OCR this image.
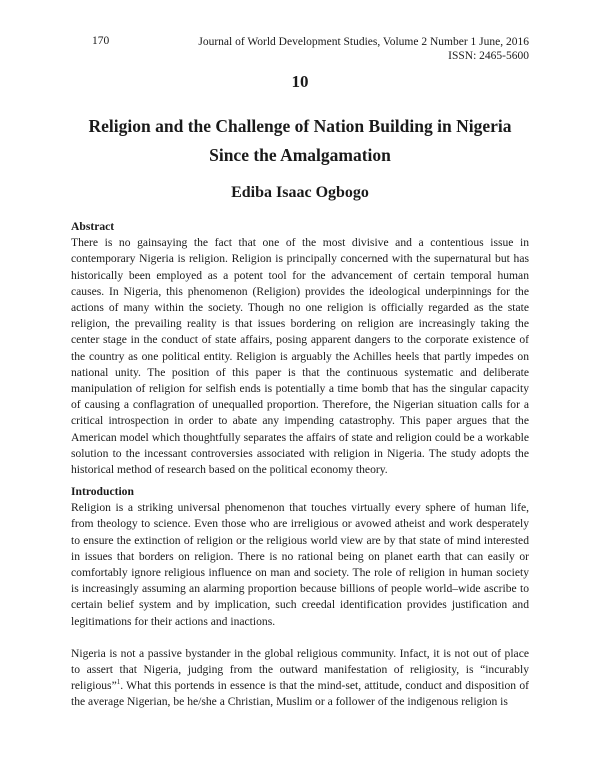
170	Journal of World Development Studies, Volume 2 Number 1 June, 2016
ISSN: 2465-5600
10
Religion and the Challenge of Nation Building in Nigeria
Since the Amalgamation
Ediba Isaac Ogbogo

Abstract

There is no gainsaying the fact that one of the most divisive and a contentious issue in contemporary Nigeria is religion. Religion is principally concerned with the supernatural but has historically been employed as a potent tool for the advancement of certain temporal human causes. In Nigeria, this phenomenon (Religion) provides the ideological underpinnings for the actions of many within the society. Though no one religion is officially regarded as the state religion, the prevailing reality is that issues bordering on religion are increasingly taking the center stage in the conduct of state affairs, posing apparent dangers to the corporate existence of the country as one political entity. Religion is arguably the Achilles heels that partly impedes on national unity. The position of this paper is that the continuous systematic and deliberate manipulation of religion for selfish ends is potentially a time bomb that has the singular capacity of causing a conflagration of unequalled proportion. Therefore, the Nigerian situation calls for a critical introspection in order to abate any impending catastrophy. This paper argues that the American model which thoughtfully separates the affairs of state and religion could be a workable solution to the incessant controversies associated with religion in Nigeria. The study adopts the historical method of research based on the political economy theory.

Introduction

Religion is a striking universal phenomenon that touches virtually every sphere of human life, from theology to science. Even those who are irreligious or avowed atheist and work desperately to ensure the extinction of religion or the religious world view are by that state of mind interested in issues that borders on religion. There is no rational being on planet earth that can easily or comfortably ignore religious influence on man and society. The role of religion in human society is increasingly assuming an alarming proportion because billions of people world–wide ascribe to certain belief system and by implication, such creedal identification provides justification and legitimations for their actions and inactions.

Nigeria is not a passive bystander in the global religious community. Infact, it is not out of place to assert that Nigeria, judging from the outward manifestation of religiosity, is “incurably religious”$^1$. What this portends in essence is that the mind-set, attitude, conduct and disposition of the average Nigerian, be he/she a Christian, Muslim or a follower of the indigenous religion is
